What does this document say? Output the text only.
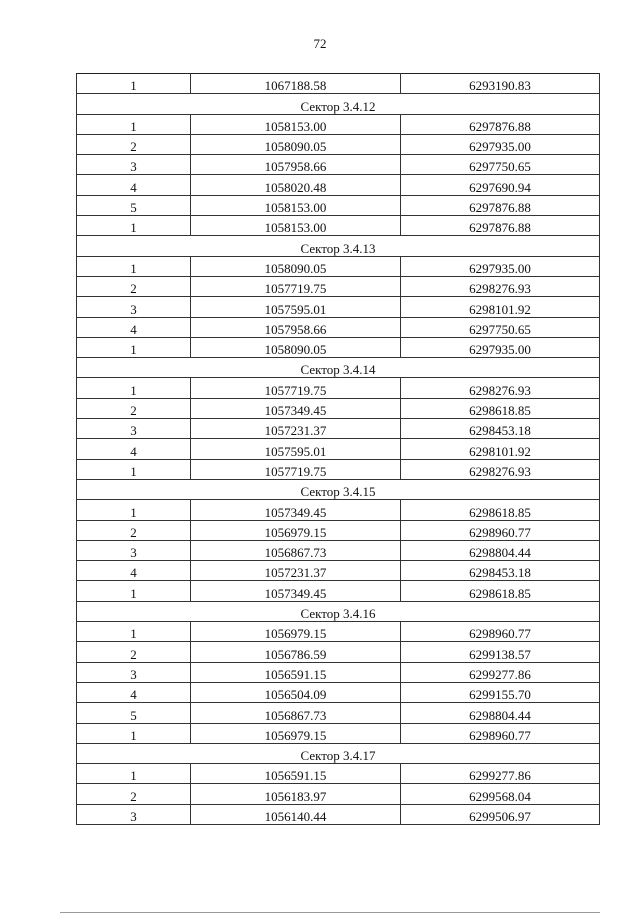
72
1	1067188.58	6293190.83
Сектор 3.4.12		
1	1058153.00	6297876.88
2	1058090.05	6297935.00
3	1057958.66	6297750.65
4	1058020.48	6297690.94
5	1058153.00	6297876.88
1	1058153.00	6297876.88
Сектор 3.4.13		
1	1058090.05	6297935.00
2	1057719.75	6298276.93
3	1057595.01	6298101.92
4	1057958.66	6297750.65
1	1058090.05	6297935.00
Сектор 3.4.14		
1	1057719.75	6298276.93
2	1057349.45	6298618.85
3	1057231.37	6298453.18
4	1057595.01	6298101.92
1	1057719.75	6298276.93
Сектор 3.4.15		
1	1057349.45	6298618.85
2	1056979.15	6298960.77
3	1056867.73	6298804.44
4	1057231.37	6298453.18
1	1057349.45	6298618.85
Сектор 3.4.16		
1	1056979.15	6298960.77
2	1056786.59	6299138.57
3	1056591.15	6299277.86
4	1056504.09	6299155.70
5	1056867.73	6298804.44
1	1056979.15	6298960.77
Сектор 3.4.17		
1	1056591.15	6299277.86
2	1056183.97	6299568.04
3	1056140.44	6299506.97
